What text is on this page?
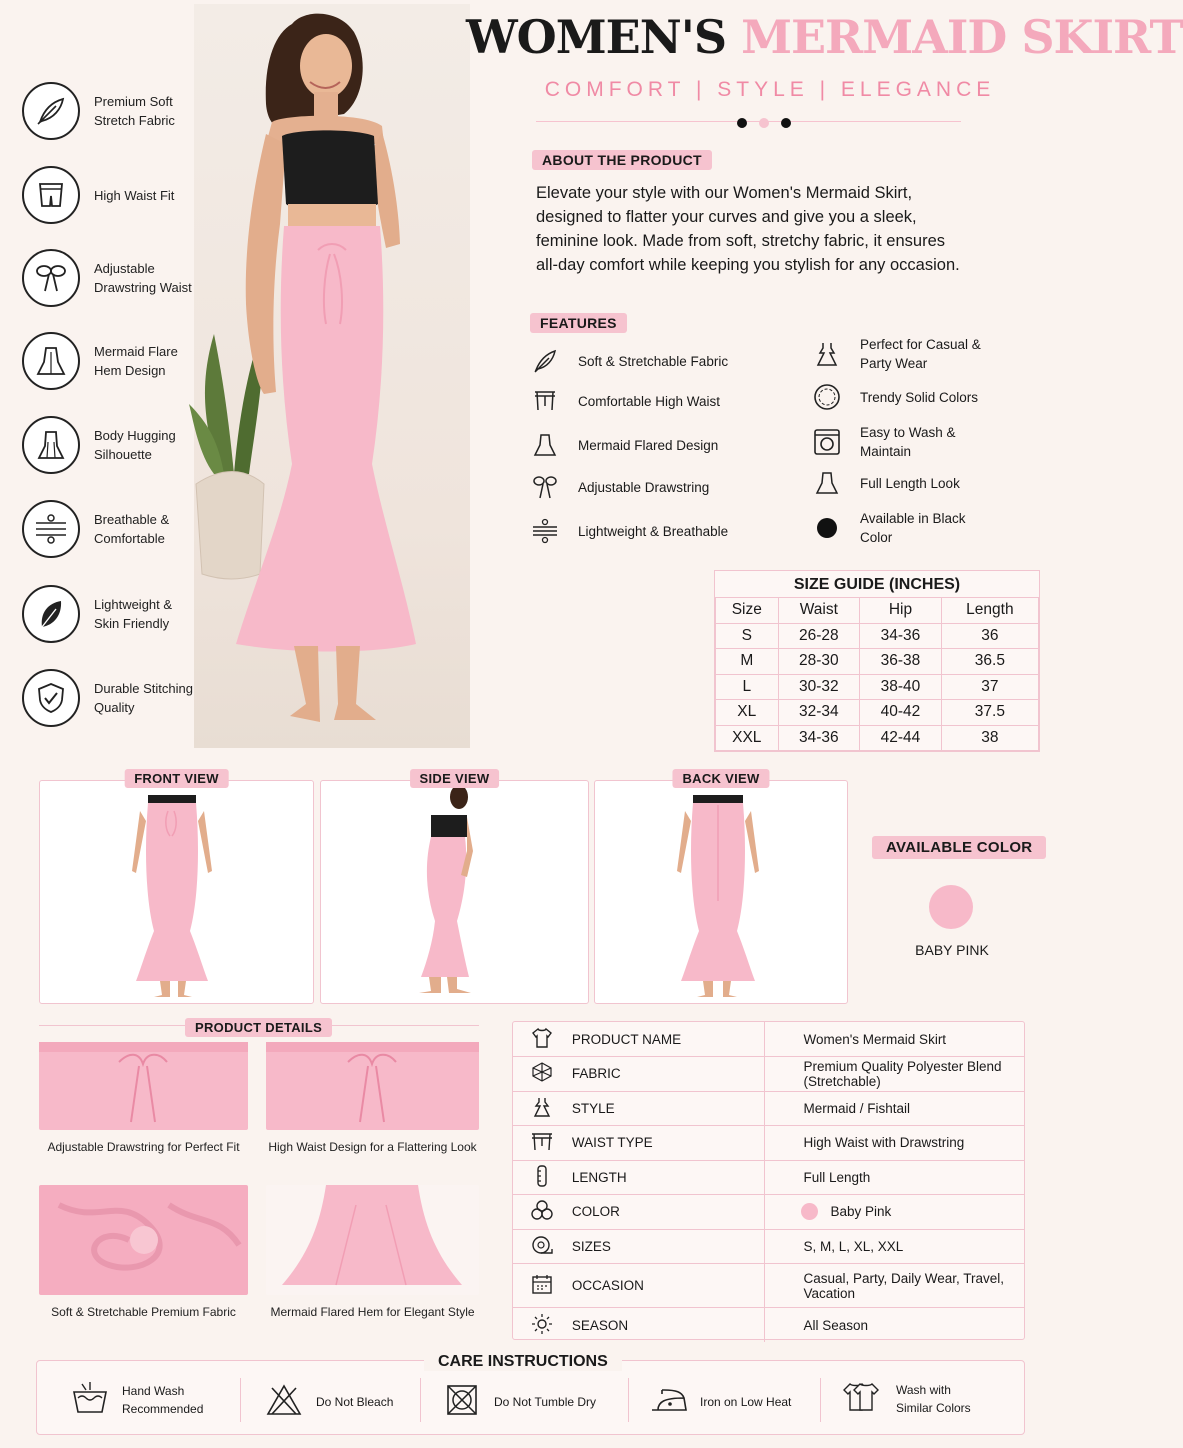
Premium Soft Stretch Fabric
High Waist Fit
Adjustable Drawstring Waist
Mermaid Flare Hem Design
Body Hugging Silhouette
Breathable & Comfortable
Lightweight & Skin Friendly
Durable Stitching Quality
WOMEN'S MERMAID SKIRT
COMFORT | STYLE | ELEGANCE
ABOUT THE PRODUCT
Elevate your style with our Women's Mermaid Skirt, designed to flatter your curves and give you a sleek, feminine look. Made from soft, stretchy fabric, it ensures all-day comfort while keeping you stylish for any occasion.
FEATURES
Soft & Stretchable Fabric
Comfortable High Waist
Mermaid Flared Design
Adjustable Drawstring
Lightweight & Breathable
Perfect for Casual & Party Wear
Trendy Solid Colors
Easy to Wash & Maintain
Full Length Look
Available in Black Color
SIZE GUIDE (INCHES)
Size	Waist	Hip	Length
S	26-28	34-36	36
M	28-30	36-38	36.5
L	30-32	38-40	37
XL	32-34	40-42	37.5
XXL	34-36	42-44	38
FRONT VIEW	SIDE VIEW	BACK VIEW
AVAILABLE COLOR
BABY PINK
PRODUCT DETAILS
Adjustable Drawstring for Perfect Fit	High Waist Design for a Flattering Look
Soft & Stretchable Premium Fabric	Mermaid Flared Hem for Elegant Style
	PRODUCT NAME	Women's Mermaid Skirt
	FABRIC	Premium Quality Polyester Blend (Stretchable)
	STYLE	Mermaid / Fishtail
	WAIST TYPE	High Waist with Drawstring
	LENGTH	Full Length
	COLOR	Baby Pink
	SIZES	S, M, L, XL, XXL
	OCCASION	Casual, Party, Daily Wear, Travel, Vacation
	SEASON	All Season
CARE INSTRUCTIONS
Hand Wash Recommended	Do Not Bleach	Do Not Tumble Dry	Iron on Low Heat
Wash with Similar Colors
